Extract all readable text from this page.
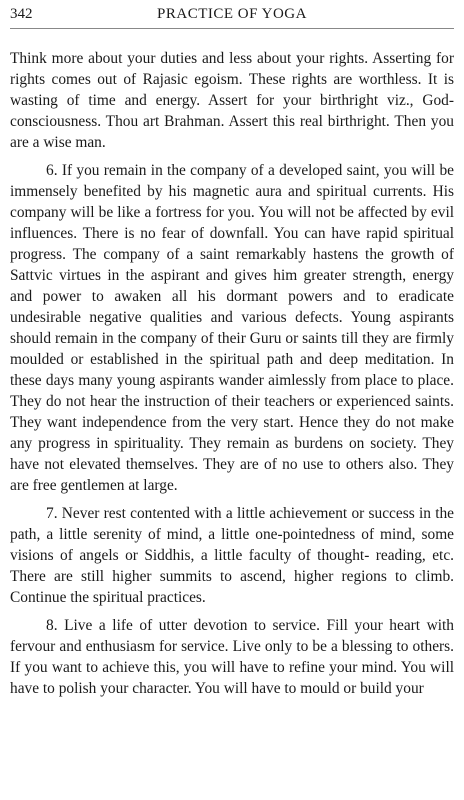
342	PRACTICE OF YOGA

Think more about your duties and less about your rights. Asserting for rights comes out of Rajasic egoism. These rights are worthless. It is wasting of time and energy. Assert for your birthright viz., God-consciousness. Thou art Brahman. Assert this real birthright. Then you are a wise man.

6. If you remain in the company of a developed saint, you will be immensely benefited by his magnetic aura and spiritual currents. His company will be like a fortress for you. You will not be affected by evil influences. There is no fear of downfall. You can have rapid spiritual progress. The company of a saint remarkably hastens the growth of Sattvic virtues in the aspirant and gives him greater strength, energy and power to awaken all his dormant powers and to eradicate undesirable negative qualities and various defects. Young aspirants should remain in the company of their Guru or saints till they are firmly moulded or established in the spiritual path and deep meditation. In these days many young aspirants wander aimlessly from place to place. They do not hear the instruction of their teachers or experienced saints. They want independence from the very start. Hence they do not make any progress in spirituality. They remain as burdens on society. They have not elevated themselves. They are of no use to others also. They are free gentlemen at large.

7. Never rest contented with a little achievement or success in the path, a little serenity of mind, a little one-pointedness of mind, some visions of angels or Siddhis, a little faculty of thought- reading, etc. There are still higher summits to ascend, higher regions to climb. Continue the spiritual practices.

8. Live a life of utter devotion to service. Fill your heart with fervour and enthusiasm for service. Live only to be a blessing to others. If you want to achieve this, you will have to refine your mind. You will have to polish your character. You will have to mould or build your
